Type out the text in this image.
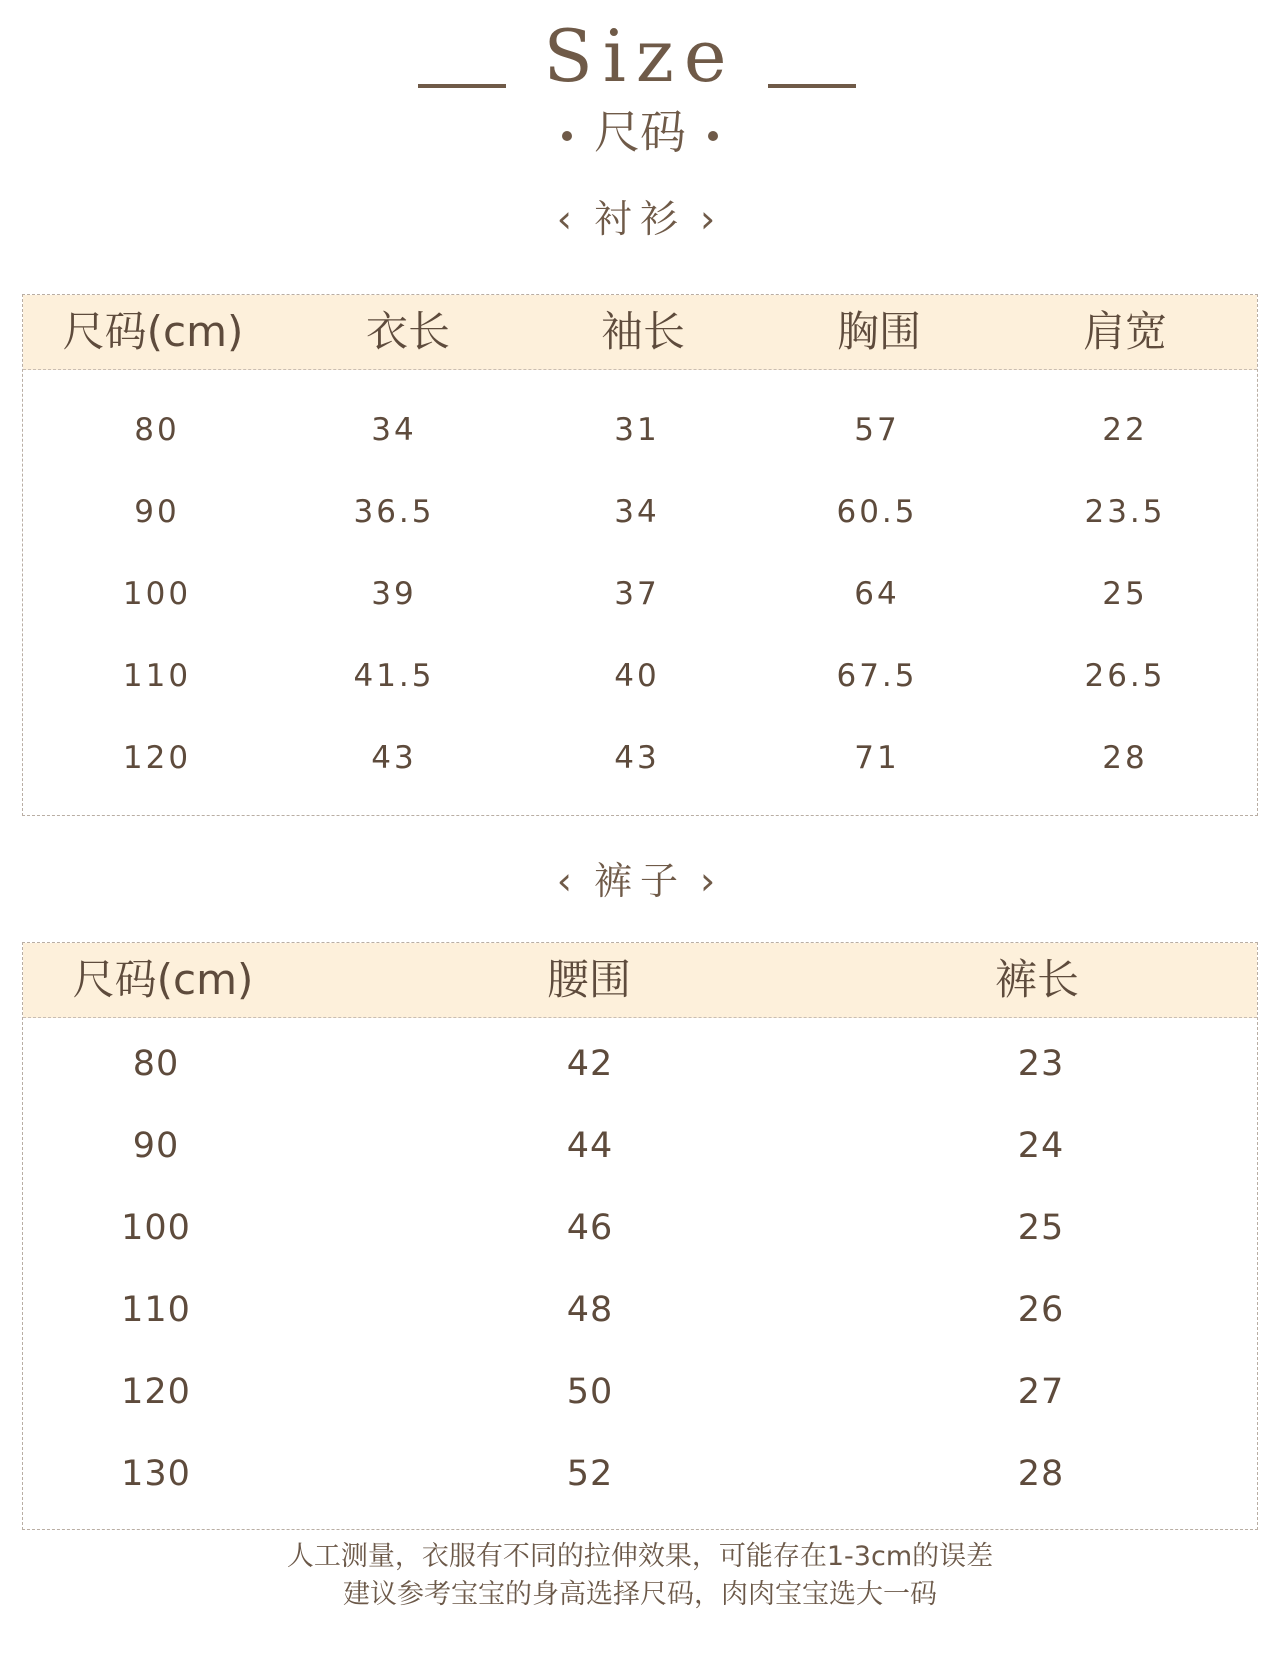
Size
尺码
‹ 衬衫 ›
尺码(cm)	衣长	袖长	胸围	肩宽
80	34	31	57	22
90	36.5	34	60.5	23.5
100	39	37	64	25
110	41.5	40	67.5	26.5
120	43	43	71	28
‹ 裤子 ›
尺码(cm)	腰围	裤长
80	42	23
90	44	24
100	46	25
110	48	26
120	50	27
130	52	28
人工测量，衣服有不同的拉伸效果，可能存在1-3cm的误差
建议参考宝宝的身高选择尺码，肉肉宝宝选大一码
